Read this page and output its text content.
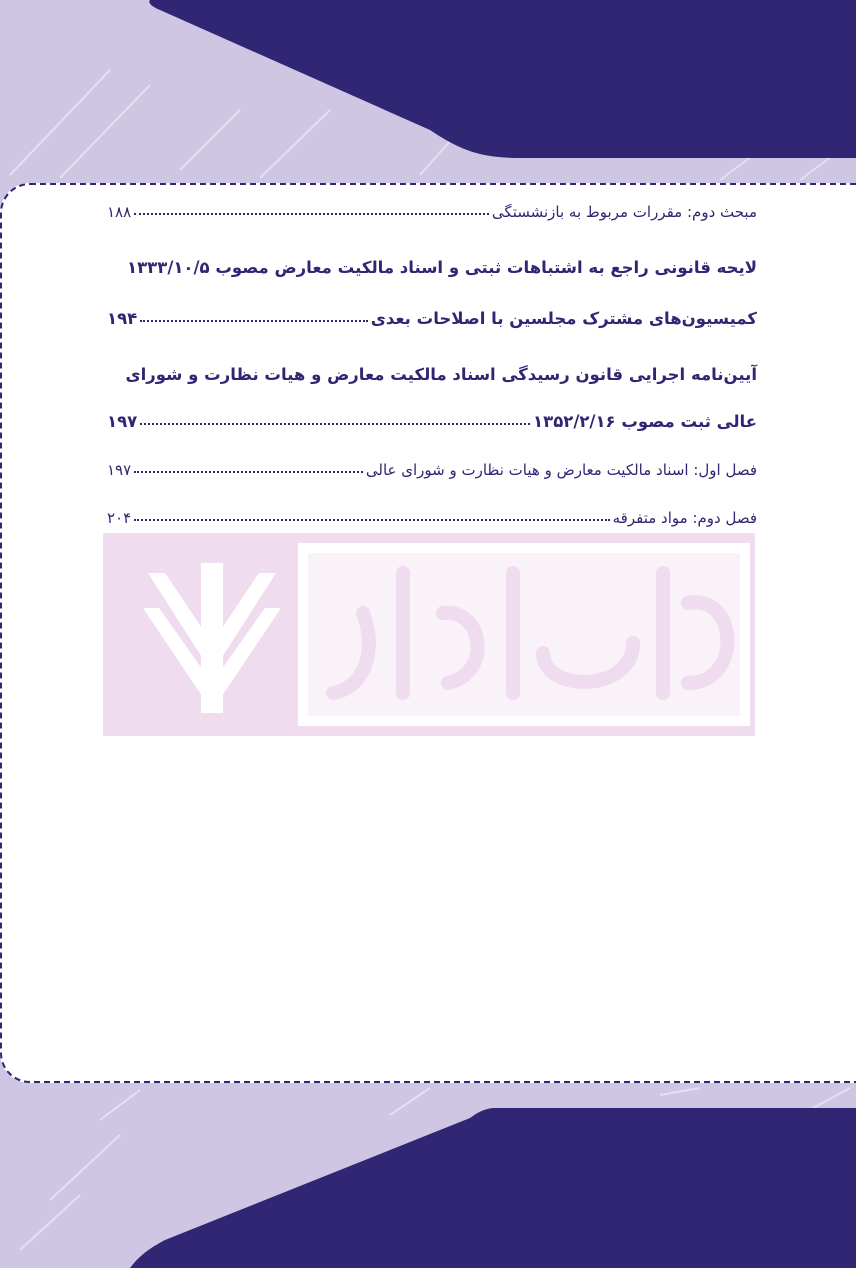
مبحث دوم: مقررات مربوط به بازنشستگی
۱۸۸
لایحه قانونی راجع به اشتباهات ثبتی و اسناد مالکیت معارض مصوب ۱۳۳۳/۱۰/۵
کمیسیون‌های مشترک مجلسین با اصلاحات بعدی
۱۹۴
آیین‌نامه اجرایی قانون رسیدگی اسناد مالکیت معارض و هیات نظارت و شورای
عالی ثبت مصوب ۱۳۵۲/۲/۱۶
۱۹۷
فصل اول: اسناد مالکیت معارض و هیات نظارت و شورای عالی
۱۹۷
فصل دوم: مواد متفرقه
۲۰۴
